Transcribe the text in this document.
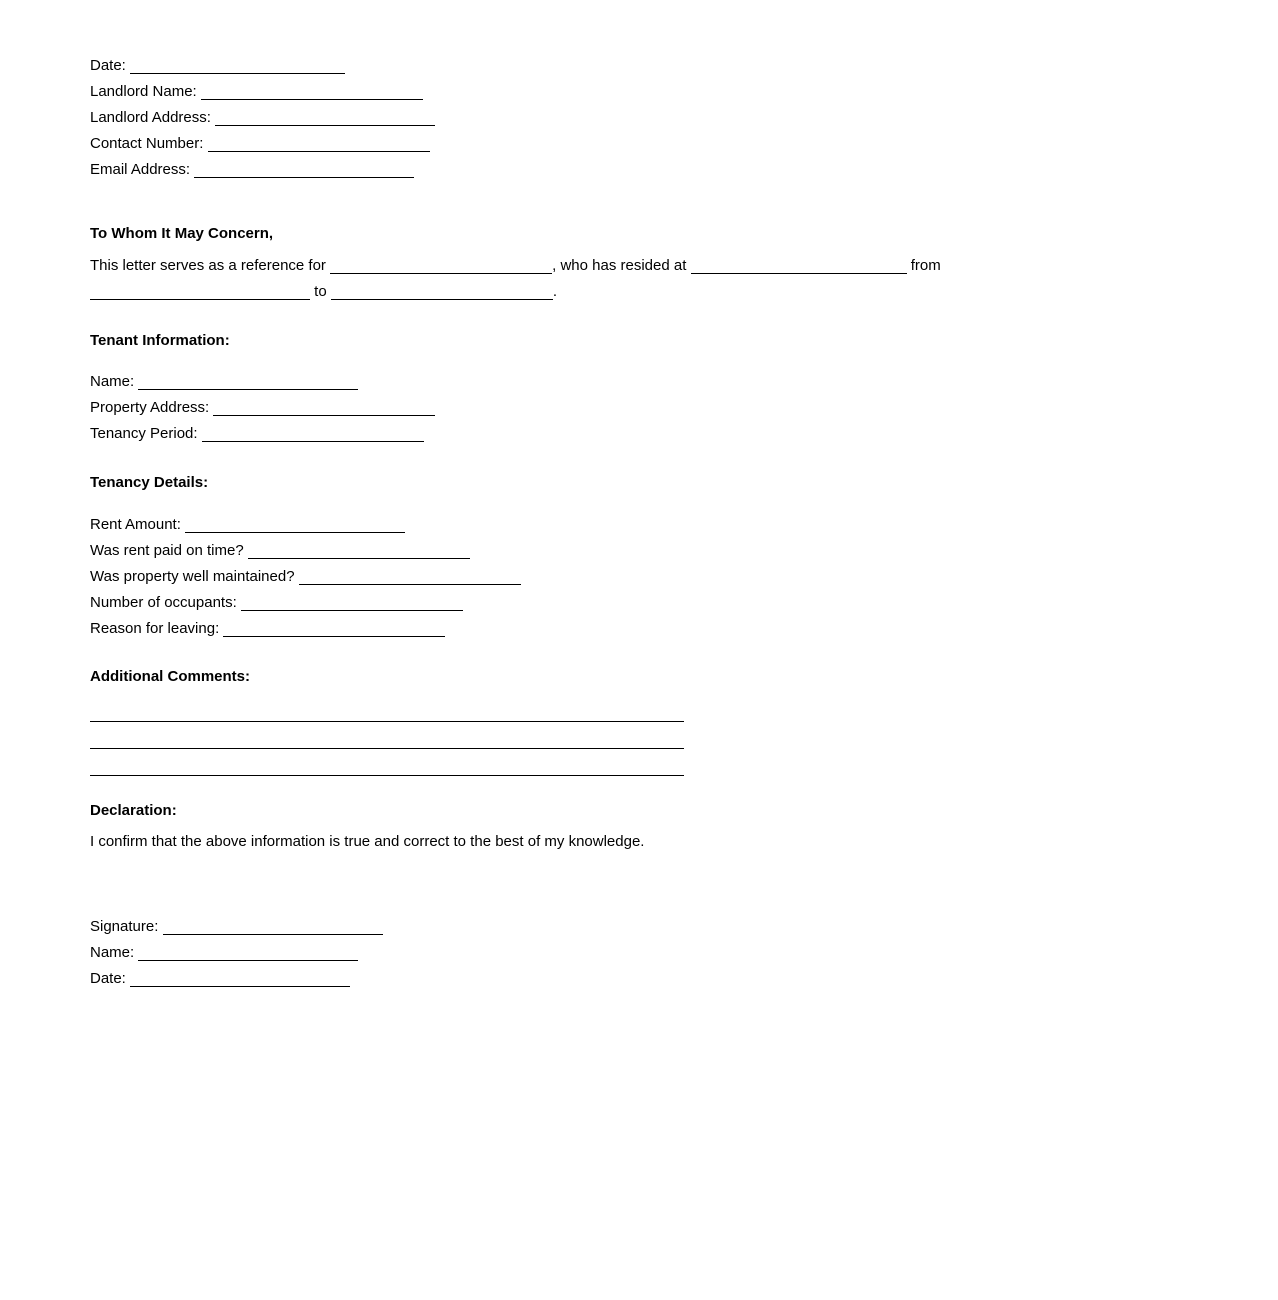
Date:
Landlord Name:
Landlord Address:
Contact Number:
Email Address:
To Whom It May Concern,
This letter serves as a reference for	, who has resided at	from
to	.
Tenant Information:
Name:
Property Address:
Tenancy Period:
Tenancy Details:
Rent Amount:
Was rent paid on time?
Was property well maintained?
Number of occupants:
Reason for leaving:
Additional Comments:
Declaration:
I confirm that the above information is true and correct to the best of my knowledge.
Signature:
Name:
Date:
